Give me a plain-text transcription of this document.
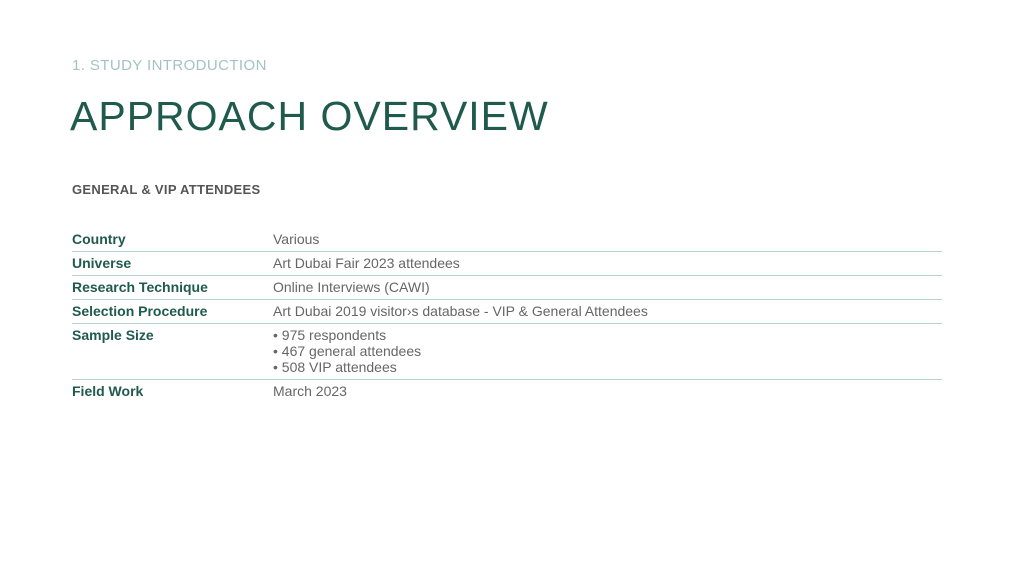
1. STUDY INTRODUCTION
APPROACH OVERVIEW
GENERAL & VIP ATTENDEES
Country	Various
Universe	Art Dubai Fair 2023 attendees
Research Technique	Online Interviews (CAWI)
Selection Procedure	Art Dubai 2019 visitor›s database - VIP & General Attendees
Sample Size
•	975 respondents
• 467 general attendees
• 508 VIP attendees
Field Work	March 2023
